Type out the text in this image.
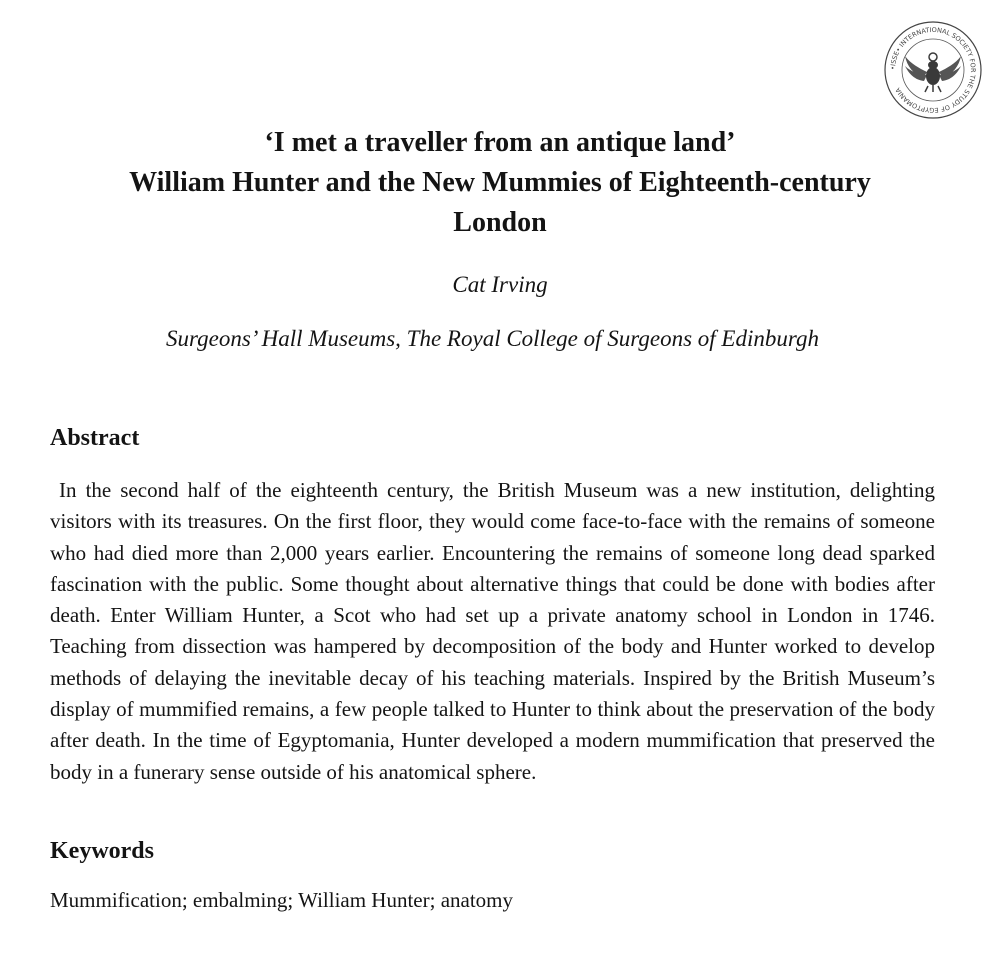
•ISSE• INTERNATIONAL SOCIETY FOR THE STUDY OF EGYPTOMANIA
‘I met a traveller from an antique land’
William Hunter and the New Mummies of Eighteenth-century
London
Cat Irving
Surgeons’ Hall Museums, The Royal College of Surgeons of Edinburgh
Abstract

In the second half of the eighteenth century, the British Museum was a new institution, delighting visitors with its treasures. On the first floor, they would come face-to-face with the remains of someone who had died more than 2,000 years earlier. Encountering the remains of someone long dead sparked fascination with the public. Some thought about alternative things that could be done with bodies after death. Enter William Hunter, a Scot who had set up a private anatomy school in London in 1746. Teaching from dissection was hampered by decomposition of the body and Hunter worked to develop methods of delaying the inevitable decay of his teaching materials. Inspired by the British Museum’s display of mummified remains, a few people talked to Hunter to think about the preservation of the body after death. In the time of Egyptomania, Hunter developed a modern mummification that preserved the body in a funerary sense outside of his anatomical sphere.

Keywords

Mummification; embalming; William Hunter; anatomy
